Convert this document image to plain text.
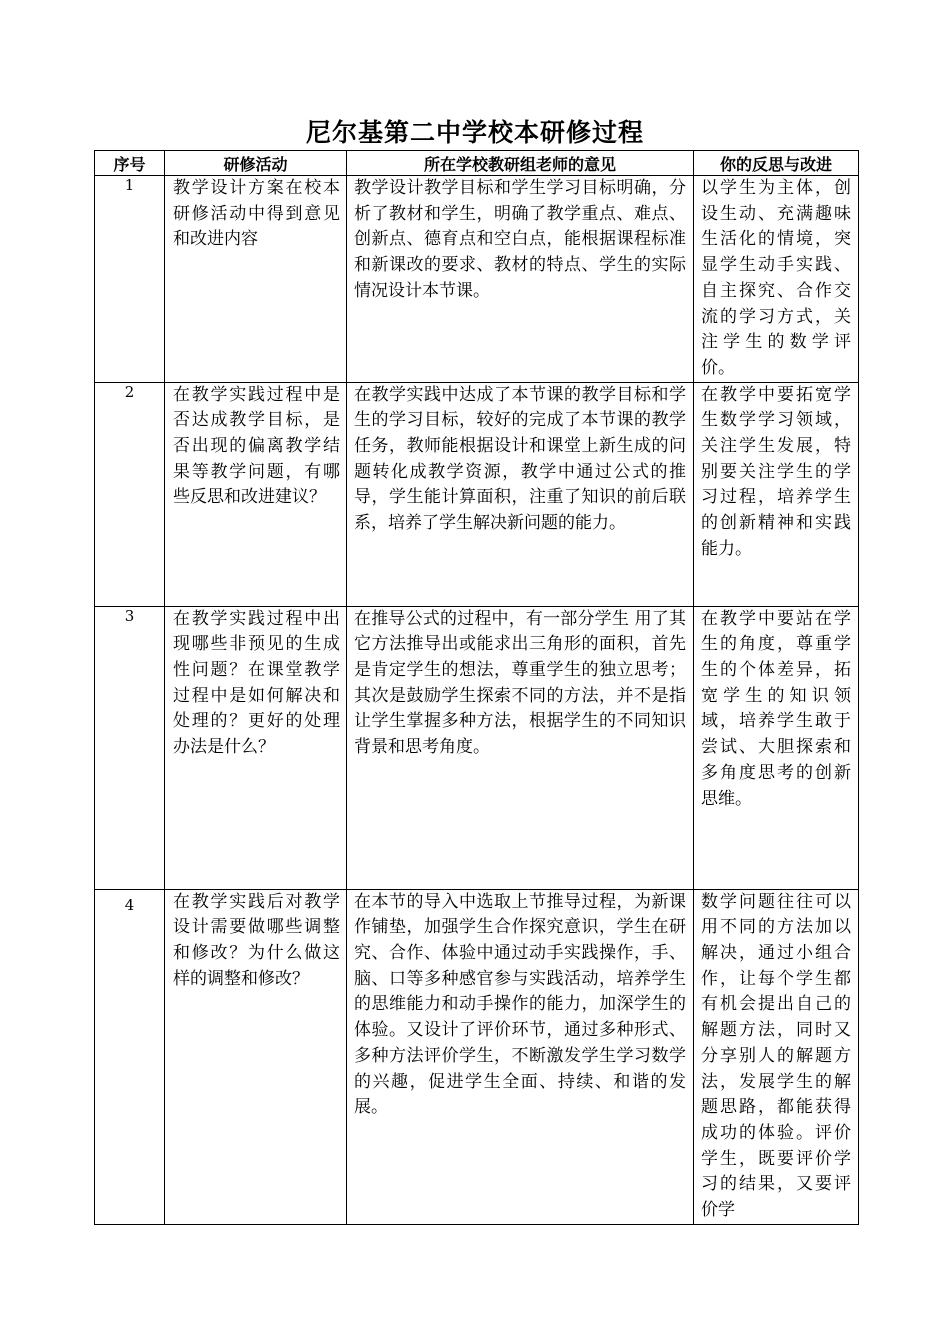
尼尔基第二中学校本研修过程
序号	研修活动	所在学校教研组老师的意见	你的反思与改进
1	教学设计方案在校本研修活动中得到意见和改进内容	教学设计教学目标和学生学习目标明确，分析了教材和学生，明确了教学重点、难点、创新点、德育点和空白点，能根据课程标准和新课改的要求、教材的特点、学生的实际情况设计本节课。	以学生为主体，创设生动、充满趣味生活化的情境，突显学生动手实践、自主探究、合作交流的学习方式，关注学生的数学评价。

2	在教学实践过程中是否达成教学目标，是否出现的偏离教学结果等教学问题，有哪些反思和改进建议？	在教学实践中达成了本节课的教学目标和学生的学习目标，较好的完成了本节课的教学任务，教师能根据设计和课堂上新生成的问题转化成教学资源，教学中通过公式的推导，学生能计算面积，注重了知识的前后联系，培养了学生解决新问题的能力。	在教学中要拓宽学生数学学习领域，关注学生发展，特别要关注学生的学习过程，培养学生的创新精神和实践能力。

3	在教学实践过程中出现哪些非预见的生成性问题？在课堂教学过程中是如何解决和处理的？更好的处理办法是什么？	在推导公式的过程中，有一部分学生 用了其它方法推导出或能求出三角形的面积，首先是肯定学生的想法，尊重学生的独立思考；其次是鼓励学生探索不同的方法，并不是指让学生掌握多种方法，根据学生的不同知识背景和思考角度。	在教学中要站在学生的角度，尊重学生的个体差异，拓宽学生的知识领域，培养学生敢于尝试、大胆探索和多角度思考的创新思维。

4	在教学实践后对教学设计需要做哪些调整和修改？为什么做这样的调整和修改？	在本节的导入中选取上节推导过程，为新课作铺垫，加强学生合作探究意识，学生在研究、合作、体验中通过动手实践操作，手、脑、口等多种感官参与实践活动，培养学生的思维能力和动手操作的能力，加深学生的体验。又设计了评价环节，通过多种形式、多种方法评价学生，不断激发学生学习数学的兴趣，促进学生全面、持续、和谐的发展。	数学问题往往可以用不同的方法加以解决，通过小组合作，让每个学生都有机会提出自己的解题方法，同时又分享别人的解题方法，发展学生的解题思路，都能获得成功的体验。评价学生，既要评价学习的结果，又要评价学
